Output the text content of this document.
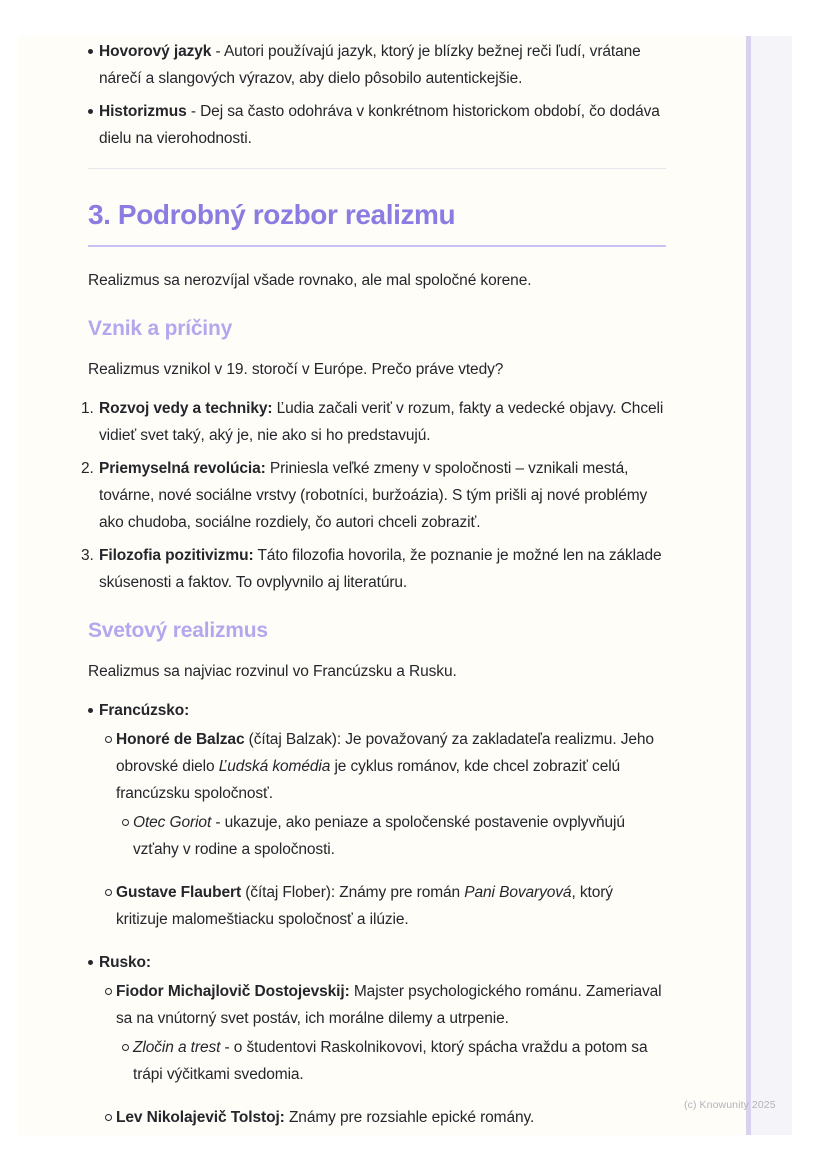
Hovorový jazyk - Autori používajú jazyk, ktorý je blízky bežnej reči ľudí, vrátane nárečí a slangových výrazov, aby dielo pôsobilo autentickejšie.
Historizmus - Dej sa často odohráva v konkrétnom historickom období, čo dodáva dielu na vierohodnosti.
3. Podrobný rozbor realizmu
Realizmus sa nerozvíjal všade rovnako, ale mal spoločné korene.
Vznik a príčiny
Realizmus vznikol v 19. storočí v Európe. Prečo práve vtedy?
1. Rozvoj vedy a techniky: Ľudia začali veriť v rozum, fakty a vedecké objavy. Chceli vidieť svet taký, aký je, nie ako si ho predstavujú.
2. Priemyselná revolúcia: Priniesla veľké zmeny v spoločnosti – vznikali mestá, továrne, nové sociálne vrstvy (robotníci, buržoázia). S tým prišli aj nové problémy ako chudoba, sociálne rozdiely, čo autori chceli zobraziť.
3. Filozofia pozitivizmu: Táto filozofia hovorila, že poznanie je možné len na základe skúsenosti a faktov. To ovplyvnilo aj literatúru.
Svetový realizmus
Realizmus sa najviac rozvinul vo Francúzsku a Rusku.
Francúzsko:
Honoré de Balzac (čítaj Balzak): Je považovaný za zakladateľa realizmu. Jeho obrovské dielo Ľudská komédia je cyklus románov, kde chcel zobraziť celú francúzsku spoločnosť.
Otec Goriot - ukazuje, ako peniaze a spoločenské postavenie ovplyvňujú vzťahy v rodine a spoločnosti.
Gustave Flaubert (čítaj Flober): Známy pre román Pani Bovaryová, ktorý kritizuje malomeštiacku spoločnosť a ilúzie.
Rusko:
Fiodor Michajlovič Dostojevskij: Majster psychologického románu. Zameriaval sa na vnútorný svet postáv, ich morálne dilemy a utrpenie.
Zločin a trest - o študentovi Raskolnikovovi, ktorý spácha vraždu a potom sa trápi výčitkami svedomia.
Lev Nikolajevič Tolstoj: Známy pre rozsiahle epické romány.
(c) Knowunity 2025
